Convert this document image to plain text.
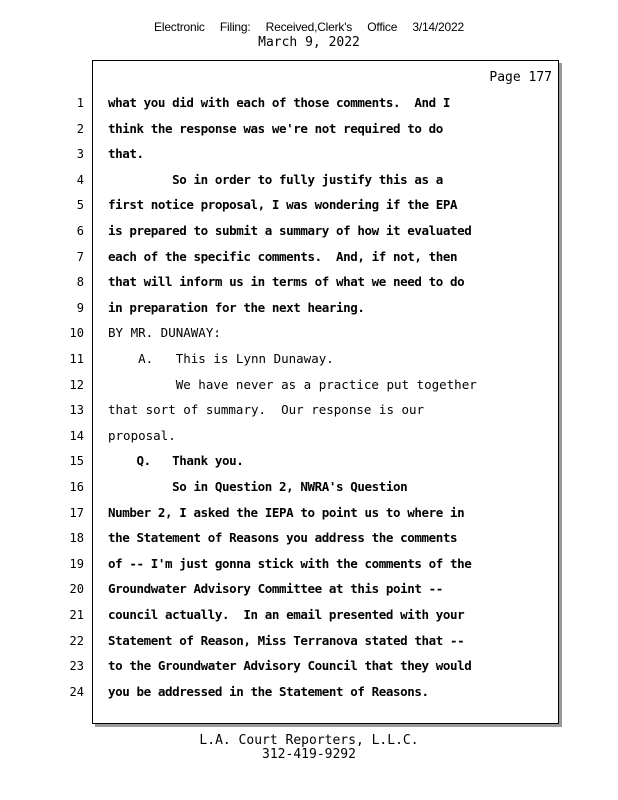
Electronic Filing: Received,Clerk's Office 3/14/2022
March 9, 2022
Page 177
1 what you did with each of those comments.  And I
2 think the response was we're not required to do
3 that.
4 So in order to fully justify this as a
5 first notice proposal, I was wondering if the EPA
6 is prepared to submit a summary of how it evaluated
7 each of the specific comments.  And, if not, then
8 that will inform us in terms of what we need to do
9 in preparation for the next hearing.
10 BY MR. DUNAWAY:
11 A.   This is Lynn Dunaway.
12 We have never as a practice put together
13 that sort of summary.  Our response is our
14 proposal.
15 Q.   Thank you.
16 So in Question 2, NWRA's Question
17 Number 2, I asked the IEPA to point us to where in
18 the Statement of Reasons you address the comments
19 of -- I'm just gonna stick with the comments of the
20 Groundwater Advisory Committee at this point --
21 council actually.  In an email presented with your
22 Statement of Reason, Miss Terranova stated that --
23 to the Groundwater Advisory Council that they would
24 you be addressed in the Statement of Reasons.
L.A. Court Reporters, L.L.C.
312-419-9292
